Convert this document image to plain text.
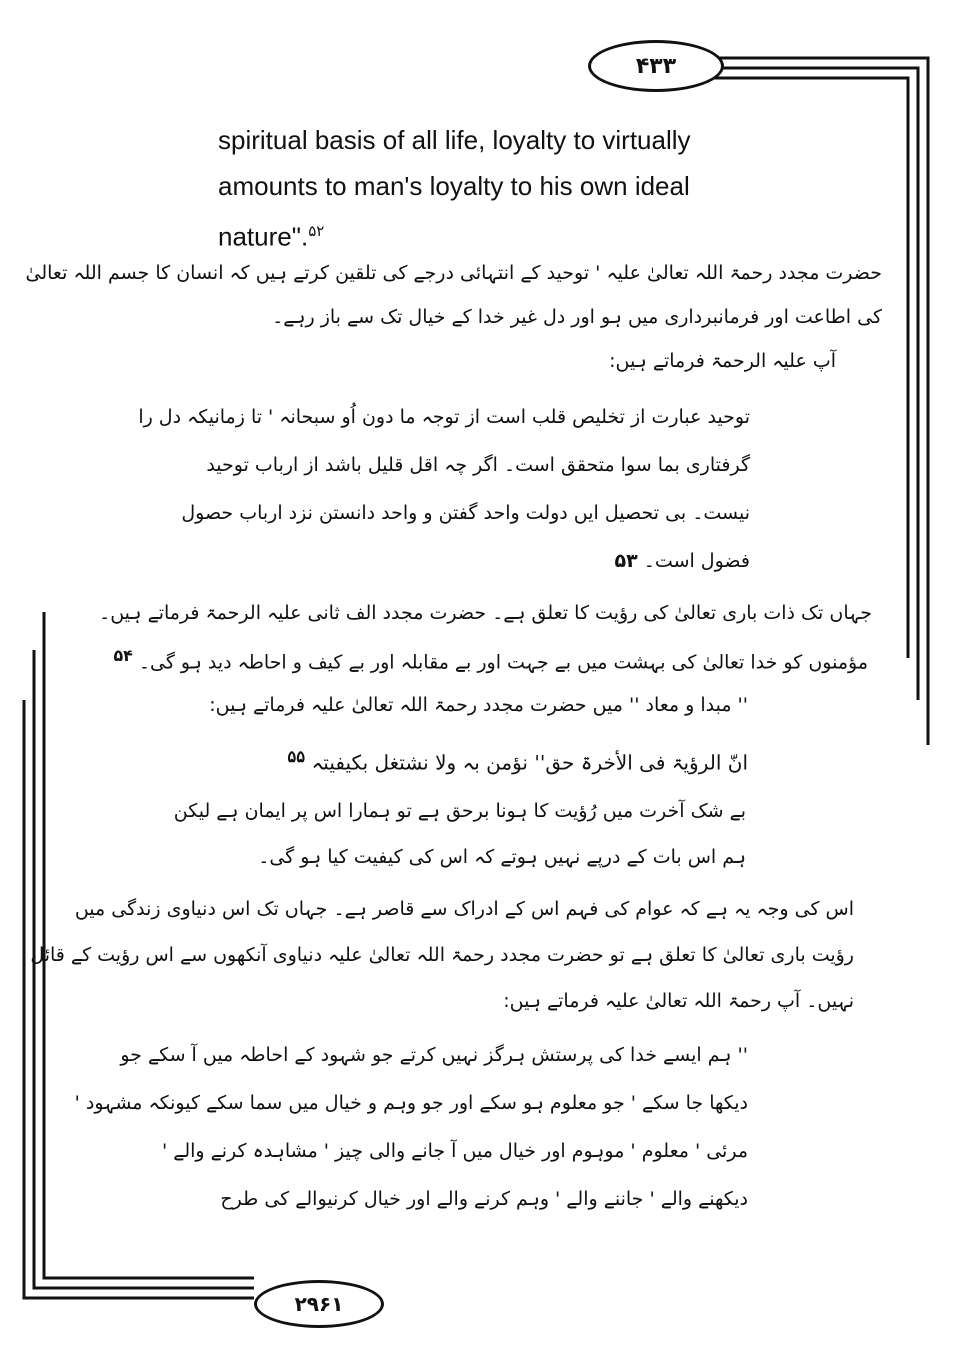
۴۳۳

spiritual basis of all life, loyalty to virtually

amounts to man's loyalty to his own ideal

nature".$^{۵۲}$

حضرت مجدد رحمۃ اللہ تعالیٰ علیہ ' توحید کے انتہائی درجے کی تلقین کرتے ہیں کہ انسان کا جسم اللہ تعالیٰ

کی اطاعت اور فرمانبرداری میں ہو اور دل غیر خدا کے خیال تک سے باز رہے۔

آپ علیہ الرحمۃ فرماتے ہیں:

توحید عبارت از تخلیص قلب است از توجہ ما دون اُو سبحانہ ' تا زمانیکہ دل را

گرفتاری بما سوا متحقق است۔ اگر چہ اقل قلیل باشد از ارباب توحید

نیست۔ بی تحصیل ایں دولت واحد گفتن و واحد دانستن نزد ارباب حصول

فضول است۔ ۵۳

جہاں تک ذات باری تعالیٰ کی رؤیت کا تعلق ہے۔ حضرت مجدد الف ثانی علیہ الرحمۃ فرماتے ہیں۔

مؤمنوں کو خدا تعالیٰ کی بہشت میں بے جہت اور بے مقابلہ اور بے کیف و احاطہ دید ہو گی۔ $^{۵۴}$

'' مبدا و معاد '' میں حضرت مجدد رحمۃ اللہ تعالیٰ علیہ فرماتے ہیں:

انّ الرؤیۃ فی الأخرۃ حق'' نؤمن بہ ولا نشتغل بکیفیتہ $^{۵۵}$

بے شک آخرت میں رُؤیت کا ہونا برحق ہے تو ہمارا اس پر ایمان ہے لیکن

ہم اس بات کے درپے نہیں ہوتے کہ اس کی کیفیت کیا ہو گی۔

اس کی وجہ یہ ہے کہ عوام کی فہم اس کے ادراک سے قاصر ہے۔ جہاں تک اس دنیاوی زندگی میں

رؤیت باری تعالیٰ کا تعلق ہے تو حضرت مجدد رحمۃ اللہ تعالیٰ علیہ دنیاوی آنکھوں سے اس رؤیت کے قائل

نہیں۔ آپ رحمۃ اللہ تعالیٰ علیہ فرماتے ہیں:

'' ہم ایسے خدا کی پرستش ہرگز نہیں کرتے جو شہود کے احاطہ میں آ سکے جو

دیکھا جا سکے ' جو معلوم ہو سکے اور جو وہم و خیال میں سما سکے کیونکہ مشہود '

مرئی ' معلوم ' موہوم اور خیال میں آ جانے والی چیز ' مشاہدہ کرنے والے '

دیکھنے والے ' جاننے والے ' وہم کرنے والے اور خیال کرنیوالے کی طرح

۲۹۶۱
